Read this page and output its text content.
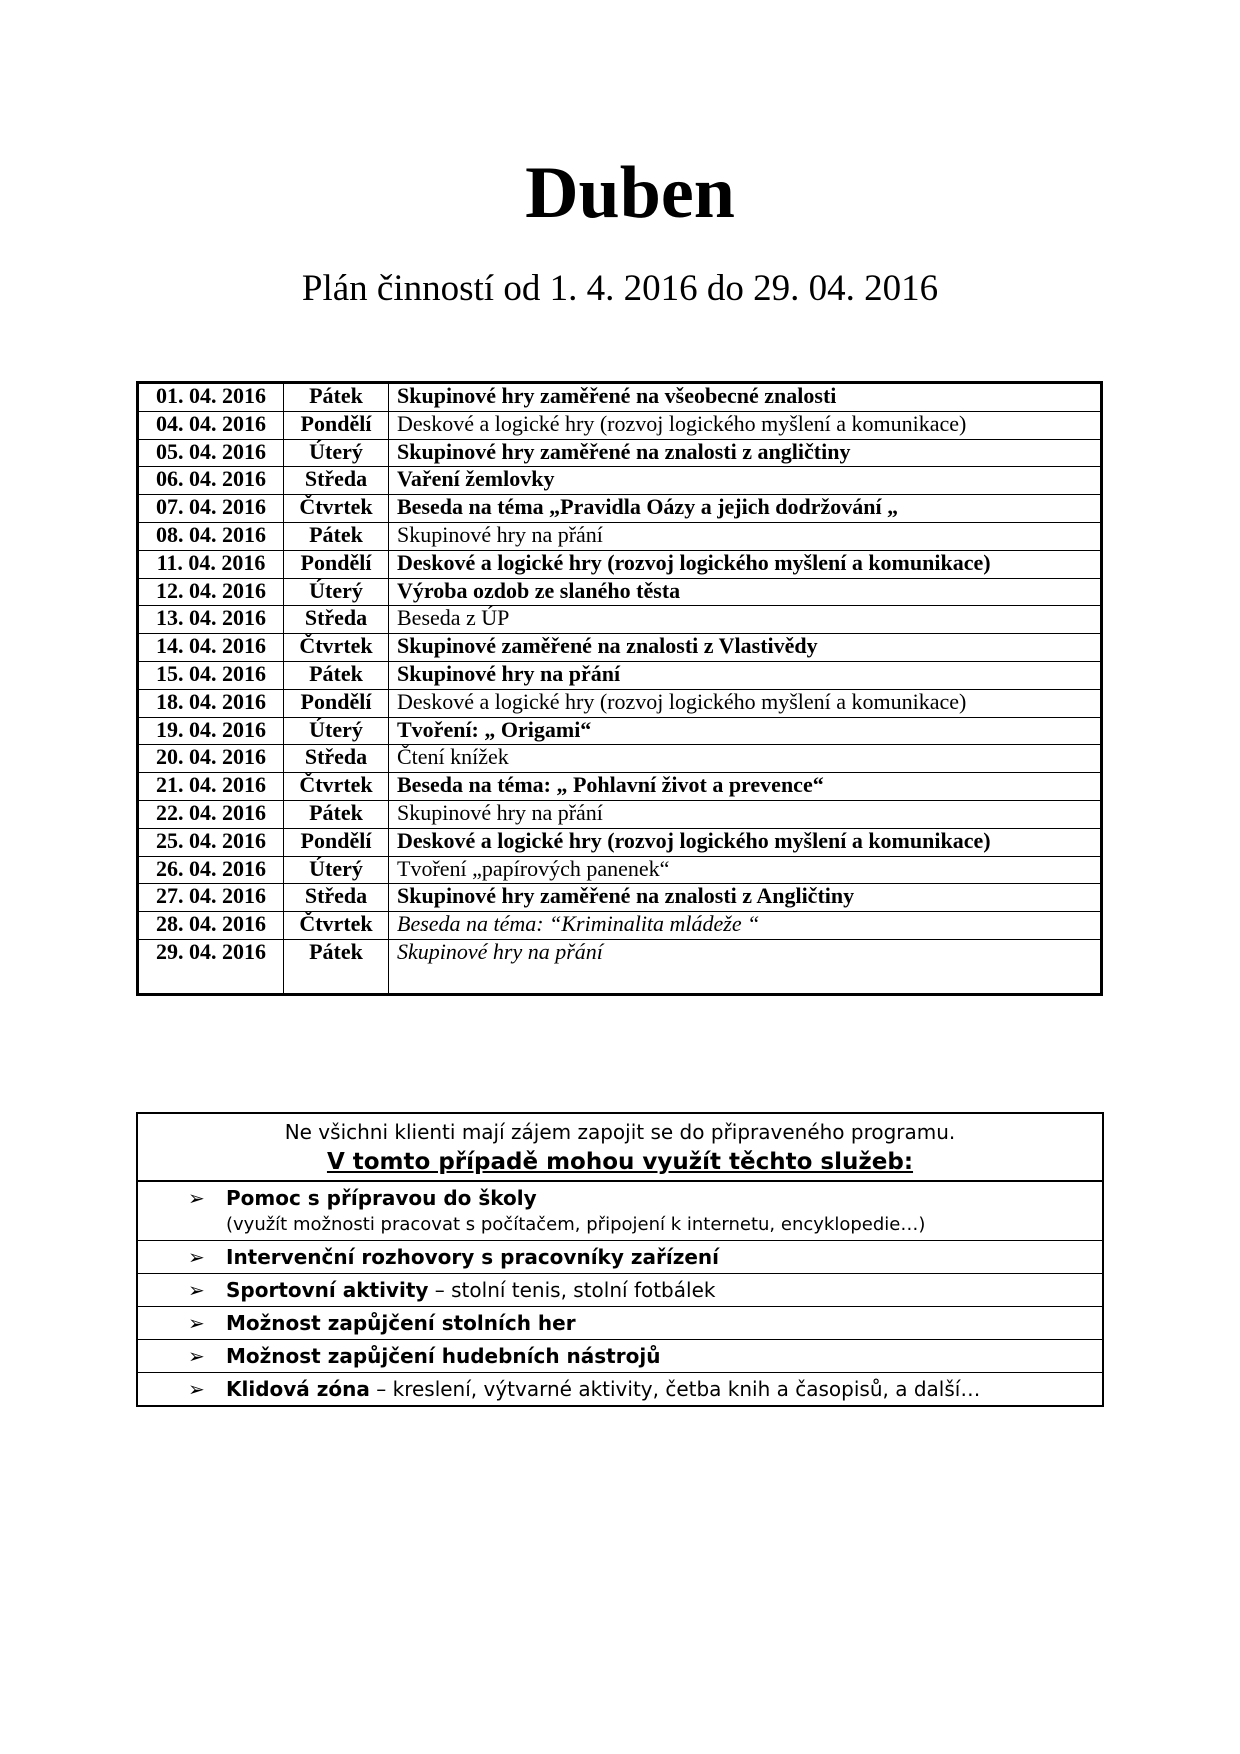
Duben
Plán činností od 1. 4. 2016 do 29. 04. 2016
01. 04. 2016	Pátek	Skupinové hry zaměřené na všeobecné znalosti
04. 04. 2016	Pondělí	Deskové a logické hry (rozvoj logického myšlení a komunikace)
05. 04. 2016	Úterý	Skupinové hry zaměřené na znalosti z angličtiny
06. 04. 2016	Středa	Vaření žemlovky
07. 04. 2016	Čtvrtek	Beseda na téma „Pravidla Oázy a jejich dodržování „
08. 04. 2016	Pátek	Skupinové hry na přání
11. 04. 2016	Pondělí	Deskové a logické hry (rozvoj logického myšlení a komunikace)
12. 04. 2016	Úterý	Výroba ozdob ze slaného těsta
13. 04. 2016	Středa	Beseda z ÚP
14. 04. 2016	Čtvrtek	Skupinové zaměřené na znalosti z Vlastivědy
15. 04. 2016	Pátek	Skupinové hry na přání
18. 04. 2016	Pondělí	Deskové a logické hry (rozvoj logického myšlení a komunikace)
19. 04. 2016	Úterý	Tvoření: „ Origami“
20. 04. 2016	Středa	Čtení knížek
21. 04. 2016	Čtvrtek	Beseda na téma: „ Pohlavní život a prevence“
22. 04. 2016	Pátek	Skupinové hry na přání
25. 04. 2016	Pondělí	Deskové a logické hry (rozvoj logického myšlení a komunikace)
26. 04. 2016	Úterý	Tvoření „papírových panenek“
27. 04. 2016	Středa	Skupinové hry zaměřené na znalosti z Angličtiny
28. 04. 2016	Čtvrtek	Beseda na téma: “Kriminalita mládeže “
29. 04. 2016	Pátek	Skupinové hry na přání
Ne všichni klienti mají zájem zapojit se do připraveného programu.
V tomto případě mohou využít těchto služeb:
➢ Pomoc s přípravou do školy
(využít možnosti pracovat s počítačem, připojení k internetu, encyklopedie…)
➢ Intervenční rozhovory s pracovníky zařízení
➢ Sportovní aktivity – stolní tenis, stolní fotbálek
➢ Možnost zapůjčení stolních her
➢ Možnost zapůjčení hudebních nástrojů
➢ Klidová zóna – kreslení, výtvarné aktivity, četba knih a časopisů, a další…
